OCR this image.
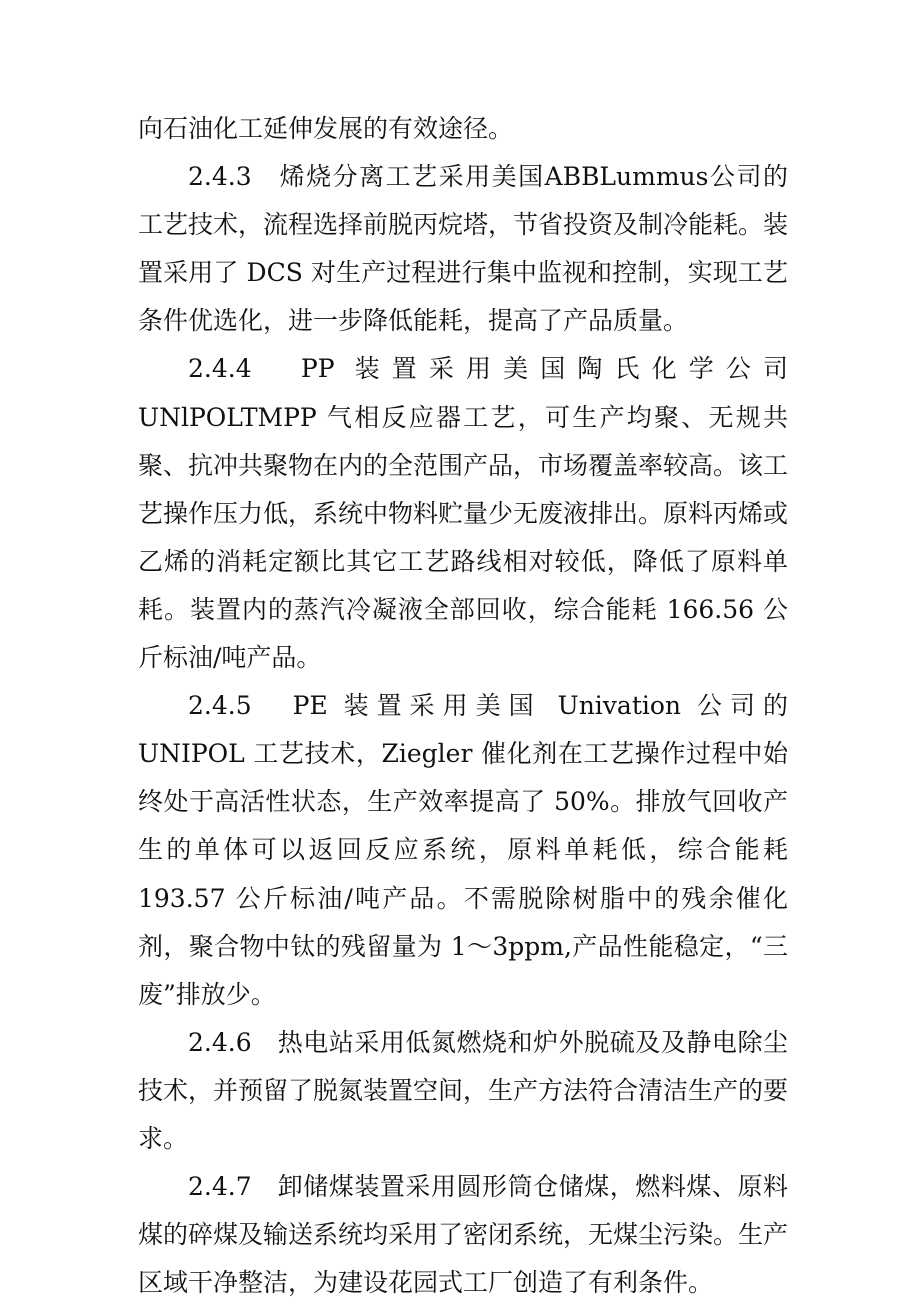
向石油化工延伸发展的有效途径。

2.4.3　烯烧分离工艺采用美国ABBLummus公司的工艺技术，流程选择前脱丙烷塔，节省投资及制冷能耗。装置采用了 DCS 对生产过程进行集中监视和控制，实现工艺条件优选化，进一步降低能耗，提高了产品质量。

2.4.4　PP 装置采用美国陶氏化学公司 UNlPOLTMPP 气相反应器工艺，可生产均聚、无规共聚、抗冲共聚物在内的全范围产品，市场覆盖率较高。该工艺操作压力低，系统中物料贮量少无废液排出。原料丙烯或乙烯的消耗定额比其它工艺路线相对较低，降低了原料单耗。装置内的蒸汽冷凝液全部回收，综合能耗 166.56 公斤标油/吨产品。

2.4.5　PE 装置采用美国 Univation 公司的 UNIPOL 工艺技术，Ziegler 催化剂在工艺操作过程中始终处于高活性状态，生产效率提高了 50%。排放气回收产生的单体可以返回反应系统，原料单耗低，综合能耗 193.57 公斤标油/吨产品。不需脱除树脂中的残余催化剂，聚合物中钛的残留量为 1～3ppm,产品性能稳定，“三废”排放少。

2.4.6　热电站采用低氮燃烧和炉外脱硫及及静电除尘技术，并预留了脱氮装置空间，生产方法符合清洁生产的要求。

2.4.7　卸储煤装置采用圆形筒仓储煤，燃料煤、原料煤的碎煤及输送系统均采用了密闭系统，无煤尘污染。生产区域干净整洁，为建设花园式工厂创造了有利条件。
